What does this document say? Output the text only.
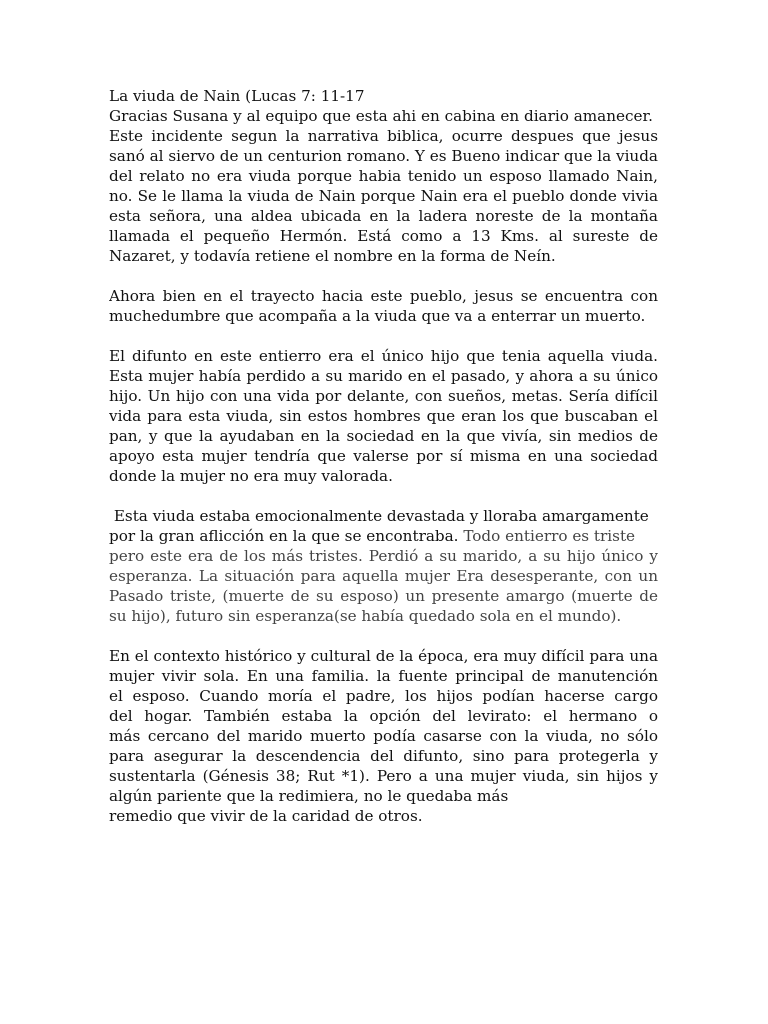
La viuda de Nain (Lucas 7: 11-17
Gracias Susana y al equipo que esta ahi en cabina en diario amanecer.
Este incidente segun la narrativa biblica, ocurre despues que jesus
sanó al siervo de un centurion romano. Y es Bueno indicar que la viuda
del relato no era viuda porque habia tenido un esposo llamado Nain,
no. Se le llama la viuda de Nain porque Nain era el pueblo donde vivia
esta señora, una aldea ubicada en la ladera noreste de la montaña
llamada el pequeño Hermón. Está como a 13 Kms. al sureste de
Nazaret, y todavía retiene el nombre en la forma de Neín.
Ahora bien en el trayecto hacia este pueblo, jesus se encuentra con
muchedumbre que acompaña a la viuda que va a enterrar un muerto.
El difunto en este entierro era el único hijo que tenia aquella viuda.
Esta mujer había perdido a su marido en el pasado, y ahora a su único
hijo. Un hijo con una vida por delante, con sueños, metas. Sería difícil
vida para esta viuda, sin estos hombres que eran los que buscaban el
pan, y que la ayudaban en la sociedad en la que vivía, sin medios de
apoyo esta mujer tendría que valerse por sí misma en una sociedad
donde la mujer no era muy valorada.
Esta viuda estaba emocionalmente devastada y lloraba amargamente
por la gran aflicción en la que se encontraba. Todo entierro es triste
pero este era de los más tristes. Perdió a su marido, a su hijo único y
esperanza. La situación para aquella mujer Era desesperante, con un
Pasado triste, (muerte de su esposo) un presente amargo (muerte de
su hijo), futuro sin esperanza(se había quedado sola en el mundo).
En el contexto histórico y cultural de la época, era muy difícil para una
mujer vivir sola. En una familia. la fuente principal de manutención
el esposo. Cuando moría el padre, los hijos podían hacerse cargo
del hogar. También estaba la opción del levirato: el hermano o
más cercano del marido muerto podía casarse con la viuda, no sólo
para asegurar la descendencia del difunto, sino para protegerla y
sustentarla (Génesis 38; Rut *1). Pero a una mujer viuda, sin hijos y
algún pariente que la redimiera, no le quedaba más
remedio que vivir de la caridad de otros.
